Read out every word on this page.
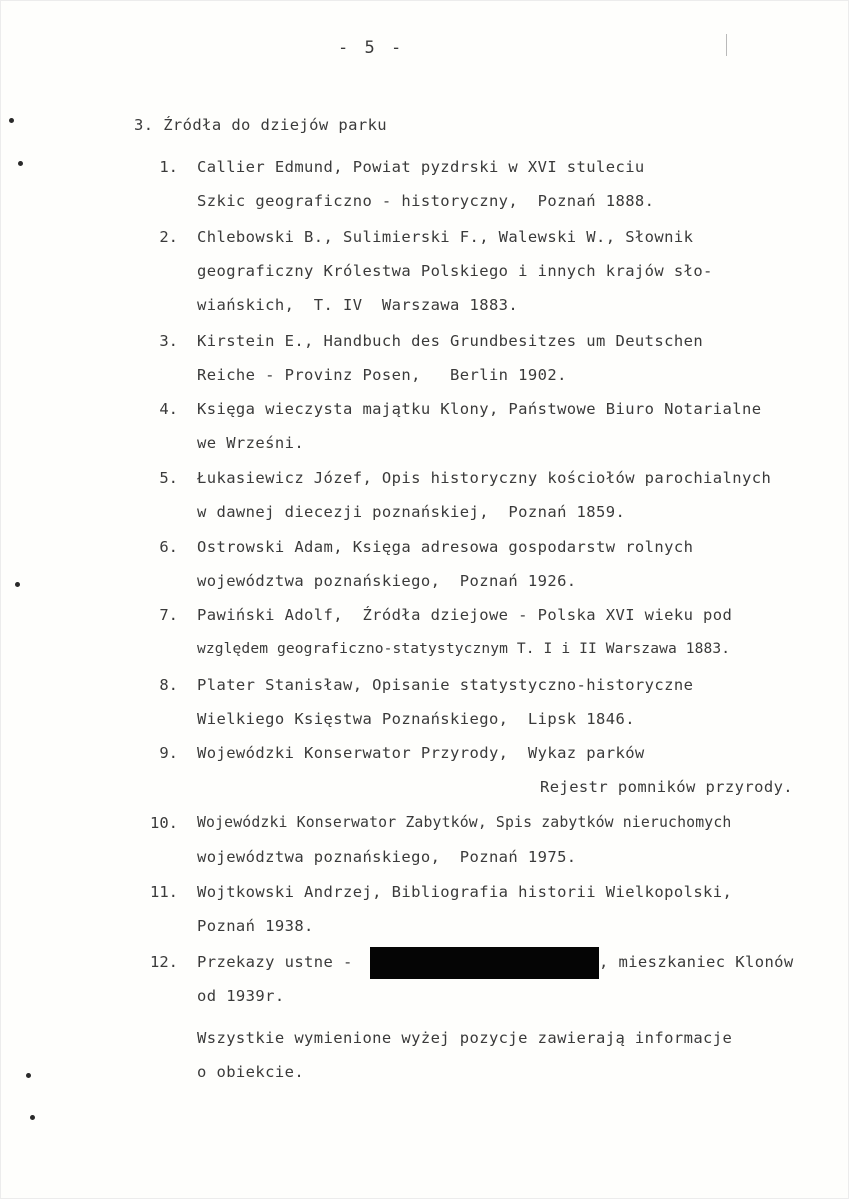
- 5 -
3. Źródła do dziejów parku
1. Callier Edmund, Powiat pyzdrski w XVI stuleciu
Szkic geograficzno - historyczny,  Poznań 1888.
2. Chlebowski B., Sulimierski F., Walewski W., Słownik
geograficzny Królestwa Polskiego i innych krajów sło-
wiańskich,  T. IV  Warszawa 1883.
3. Kirstein E., Handbuch des Grundbesitzes um Deutschen
Reiche - Provinz Posen,   Berlin 1902.
4. Księga wieczysta majątku Klony, Państwowe Biuro Notarialne
we Wrześni.
5. Łukasiewicz Józef, Opis historyczny kościołów parochialnych
w dawnej diecezji poznańskiej,  Poznań 1859.
6. Ostrowski Adam, Księga adresowa gospodarstw rolnych
województwa poznańskiego,  Poznań 1926.
7. Pawiński Adolf,  Źródła dziejowe - Polska XVI wieku pod
względem geograficzno-statystycznym T. I i II Warszawa 1883.
8. Plater Stanisław, Opisanie statystyczno-historyczne
Wielkiego Księstwa Poznańskiego,  Lipsk 1846.
9. Wojewódzki Konserwator Przyrody,  Wykaz parków
Rejestr pomników przyrody.
10. Wojewódzki Konserwator Zabytków, Spis zabytków nieruchomych
województwa poznańskiego,  Poznań 1975.
11. Wojtkowski Andrzej, Bibliografia historii Wielkopolski,
Poznań 1938.
12. Przekazy ustne -	, mieszkaniec Klonów
od 1939r.
Wszystkie wymienione wyżej pozycje zawierają informacje
o obiekcie.
